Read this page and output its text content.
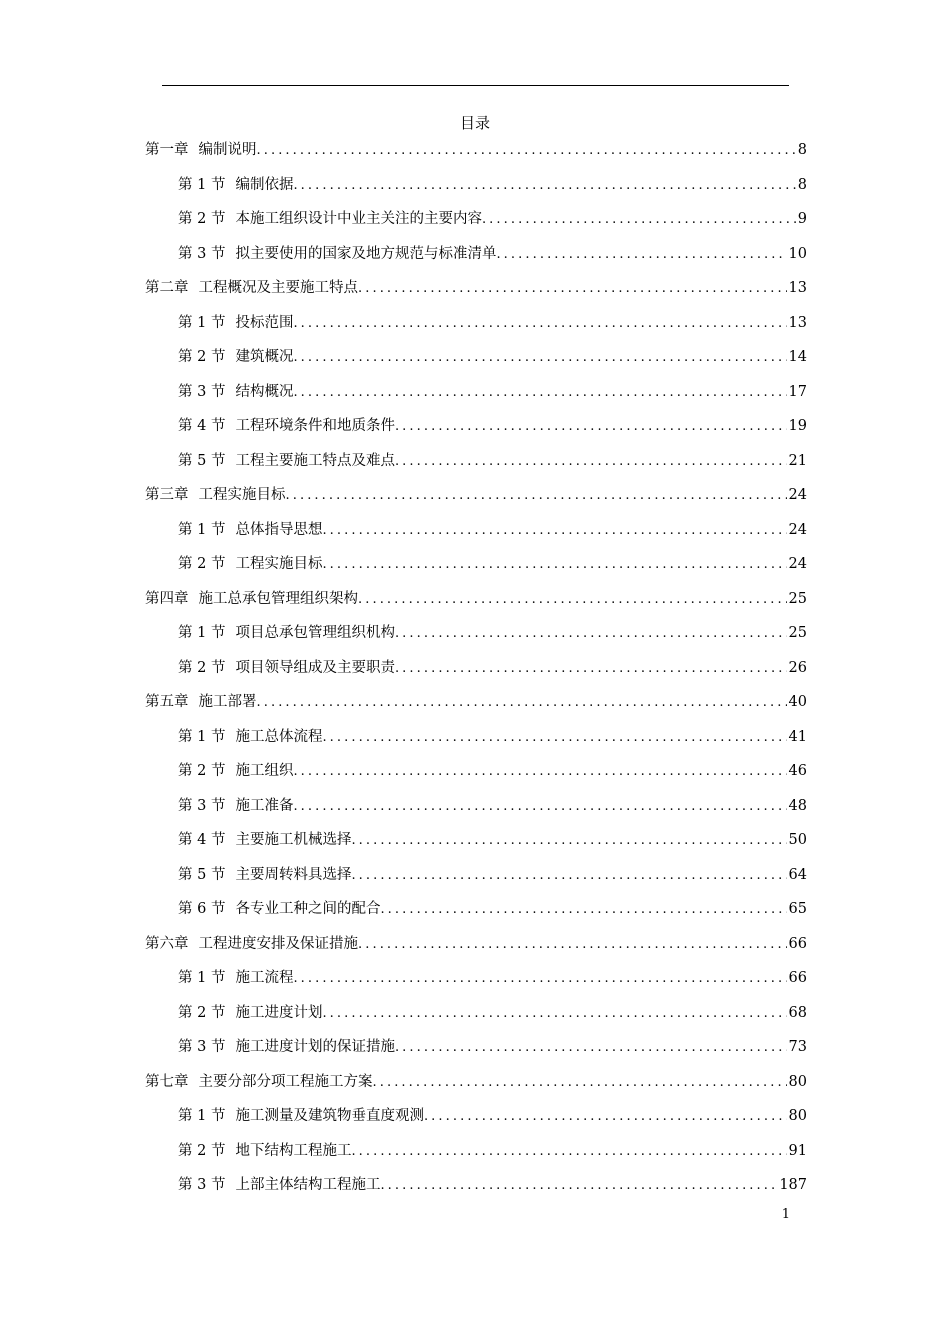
目录
第一章 编制说明 .....	8
第 1 节 编制依据 .....	8
第 2 节 本施工组织设计中业主关注的主要内容 .....	9
第 3 节 拟主要使用的国家及地方规范与标准清单 .....	10
第二章 工程概况及主要施工特点 .....	13
第 1 节 投标范围 .....	13
第 2 节 建筑概况 .....	14
第 3 节 结构概况 .....	17
第 4 节 工程环境条件和地质条件 .....	19
第 5 节 工程主要施工特点及难点 .....	21
第三章 工程实施目标 .....	24
第 1 节 总体指导思想 .....	24
第 2 节 工程实施目标 .....	24
第四章 施工总承包管理组织架构 .....	25
第 1 节 项目总承包管理组织机构 .....	25
第 2 节 项目领导组成及主要职责 .....	26
第五章 施工部署 .....	40
第 1 节 施工总体流程 .....	41
第 2 节 施工组织 .....	46
第 3 节 施工准备 .....	48
第 4 节 主要施工机械选择 .....	50
第 5 节 主要周转料具选择 .....	64
第 6 节 各专业工种之间的配合 .....	65
第六章 工程进度安排及保证措施 .....	66
第 1 节 施工流程 .....	66
第 2 节 施工进度计划 .....	68
第 3 节 施工进度计划的保证措施 .....	73
第七章 主要分部分项工程施工方案 .....	80
第 1 节 施工测量及建筑物垂直度观测 .....	80
第 2 节 地下结构工程施工 .....	91
第 3 节 上部主体结构工程施工 .....	187
1
